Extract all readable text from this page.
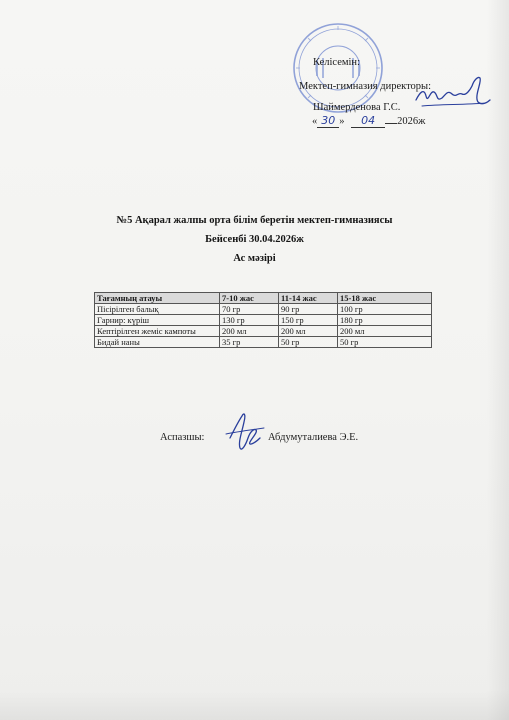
Келісемін:
Мектеп-гимназия директоры:
Шаймерденова Г.С.
« 30 » 04 2026ж
№5 Ақарал жалпы орта білім беретін мектеп-гимназиясы
Бейсенбі 30.04.2026ж
Ас мәзірі
Тағамның атауы	7-10 жас	11-14 жас	15-18 жас
Пісірілген балық	70 гр	90 гр	100 гр
Гарнир: күріш	130 гр	150 гр	180 гр
Кептірілген жеміс кампоты	200 мл	200 мл	200 мл
Бидай наны	35 гр	50 гр	50 гр
Аспазшы:	Абдумуталиева Э.Е.
